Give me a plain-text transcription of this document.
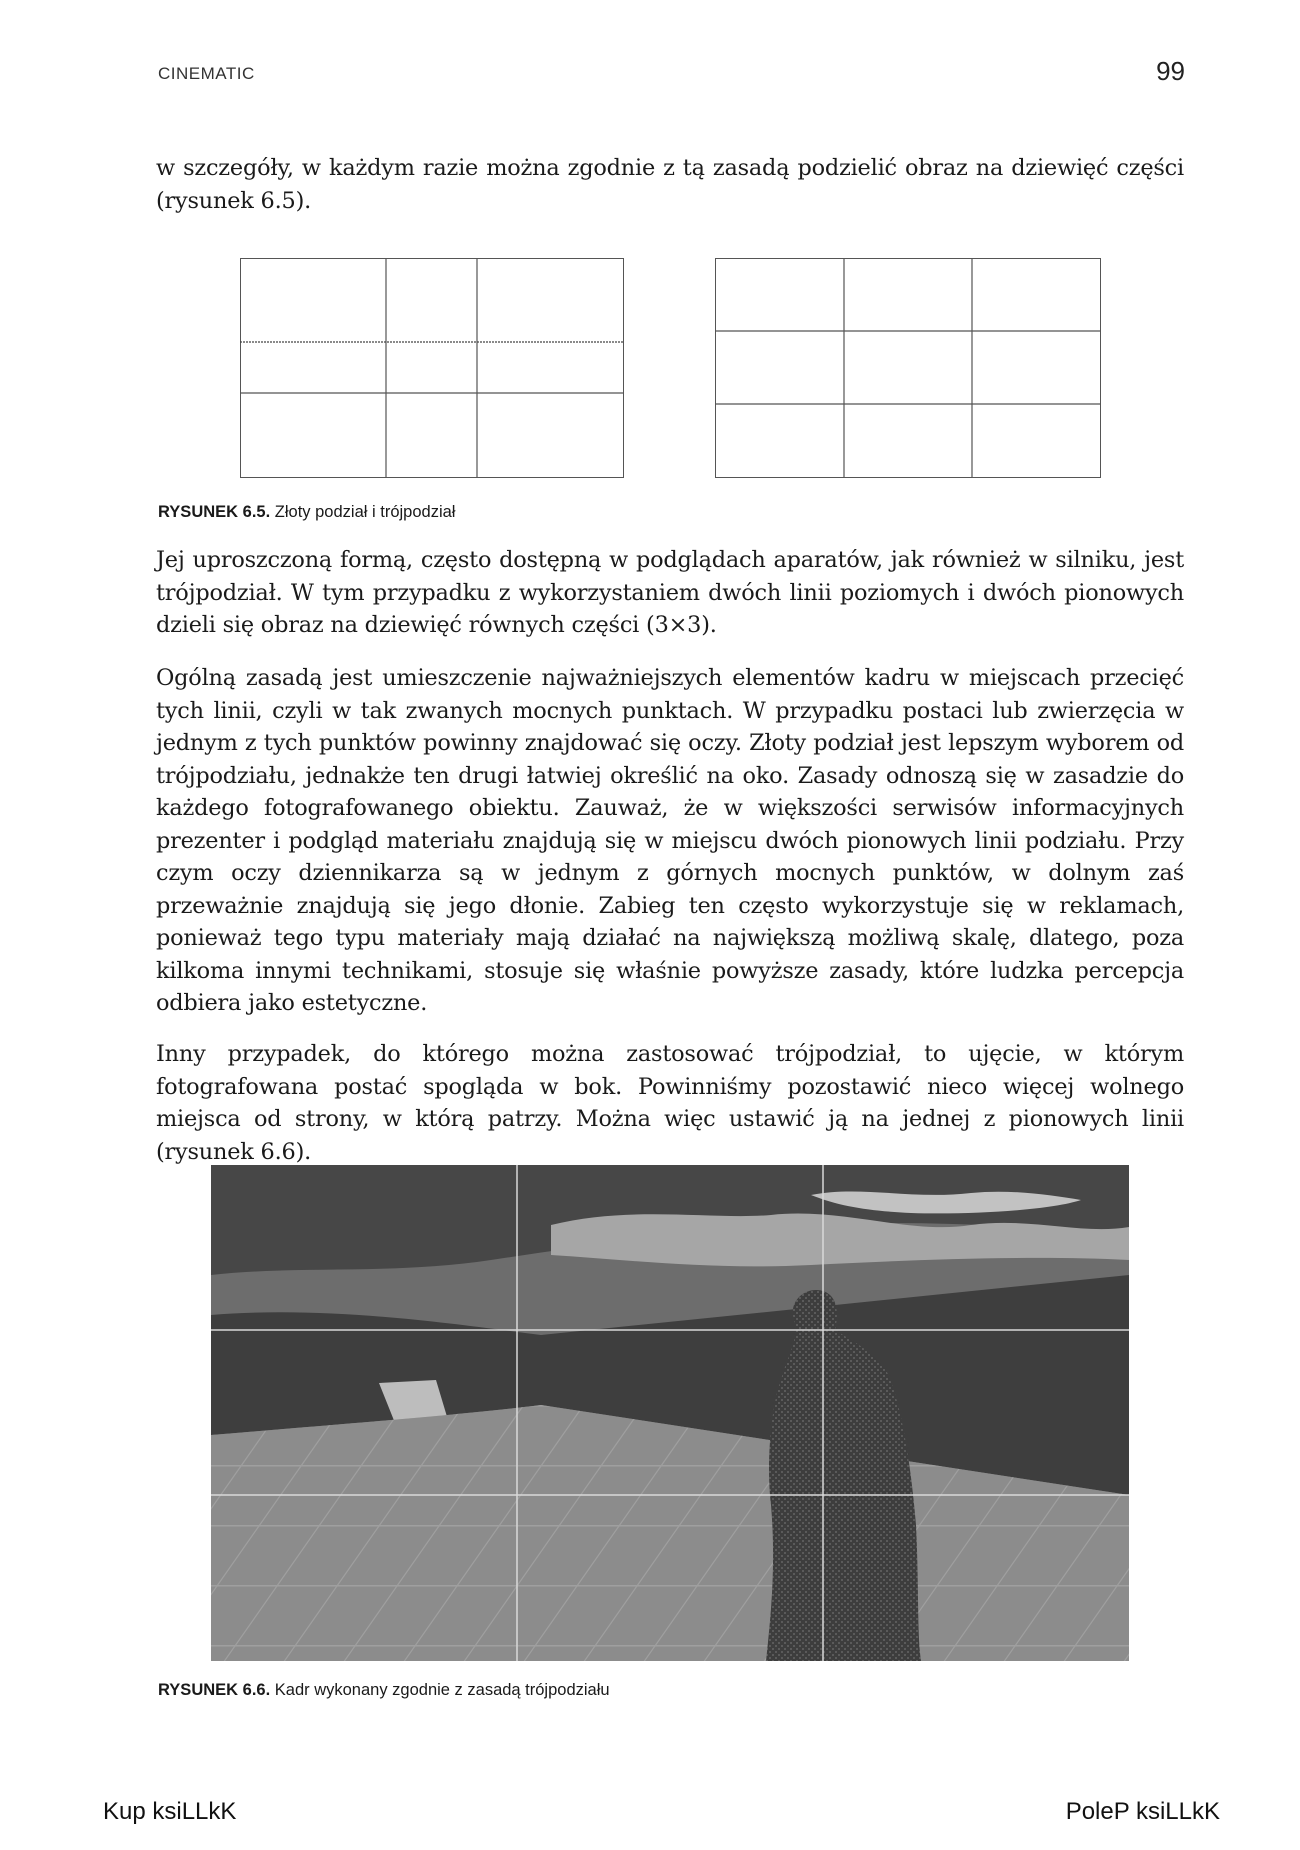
CINEMATIC	99

w szczegóły, w każdym razie można zgodnie z tą zasadą podzielić obraz na dziewięć części (rysunek 6.5).

RYSUNEK 6.5. Złoty podział i trójpodział

Jej uproszczoną formą, często dostępną w podglądach aparatów, jak również w silniku, jest trójpodział. W tym przypadku z wykorzystaniem dwóch linii poziomych i dwóch pionowych dzieli się obraz na dziewięć równych części (3×3).

Ogólną zasadą jest umieszczenie najważniejszych elementów kadru w miejscach przecięć tych linii, czyli w tak zwanych mocnych punktach. W przypadku postaci lub zwierzęcia w jednym z tych punktów powinny znajdować się oczy. Złoty podział jest lepszym wyborem od trójpodziału, jednakże ten drugi łatwiej określić na oko. Zasady odnoszą się w zasadzie do każdego fotografowanego obiektu. Zauważ, że w większości serwisów informacyjnych prezenter i podgląd materiału znajdują się w miejscu dwóch pionowych linii podziału. Przy czym oczy dziennikarza są w jednym z górnych mocnych punktów, w dolnym zaś przeważnie znajdują się jego dłonie. Zabieg ten często wykorzystuje się w reklamach, ponieważ tego typu materiały mają działać na największą możliwą skalę, dlatego, poza kilkoma innymi technikami, stosuje się właśnie powyższe zasady, które ludzka percepcja odbiera jako estetyczne.

Inny przypadek, do którego można zastosować trójpodział, to ujęcie, w którym fotografowana postać spogląda w bok. Powinniśmy pozostawić nieco więcej wolnego miejsca od strony, w którą patrzy. Można więc ustawić ją na jednej z pionowych linii (rysunek 6.6).

RYSUNEK 6.6. Kadr wykonany zgodnie z zasadą trójpodziału
Kup ksiLLkK	PoleP ksiLLkK
